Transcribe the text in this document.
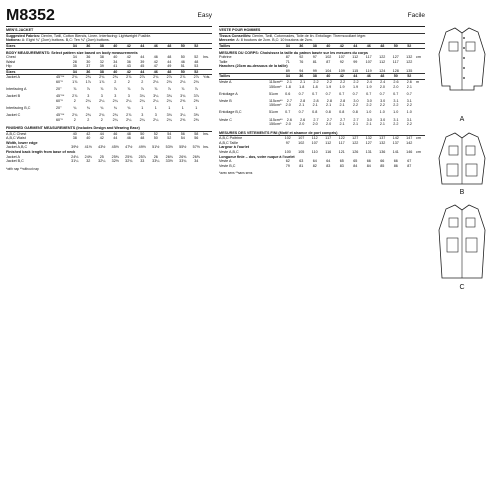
M8352	Easy
MEN'S JACKET
Suggested Fabrics: Denim, Twill, Cotton Blends, Linen. Interfacing: Lightweight Fusible.
Notions: A: Eight ¾" (2cm) buttons. B,C: Ten ¾" (2cm) buttons.
Sizes	34	36	38	40	42	44	46	48	50	52
BODY MEASUREMENTS: Select pattern size based on body measurements
Chest	34	36	38	40	42	44	46	48	50	52	Ins.
Waist	28	30	32	34	36	39	42	44	46	48
Hip	35	37	39	41	43	45	47	49	51	53
Sizes	34	36	38	40	42	44	46	48	50	52
Jacket A	45"**	2¾	2¾	2¾	2¾	2⅞	2⅞	2¾	2⅞	2⅞	2⅞	Yds.
60"*	1⅞	1⅞	1⅞	2	2	2	2⅛	2⅛	2⅛	2⅛
Interfacing A	20"	⅞	⅞	⅞	⅞	⅞	⅞	⅞	⅞	⅞	⅞
Jacket B	45"**	2⅞	3	3	3	3	3¼	3¼	3¾	3¾	3⅞
60"*	2	2¼	2¼	2¼	2¼	2¼	2¼	2¼	2⅜	2⅜
Interfacing B,C	20"	¾	¾	¾	¾	¾	1	1	1	1	1
Jacket C	45"**	2¾	2¾	2¾	2¾	2⅞	3	3	3⅛	3¼	3⅜
60"*	2	2	2	2¼	2¼	2¼	2¼	2¼	2⅜	2⅜
FINISHED GARMENT MEASUREMENTS (Includes Design and Wearing Ease)
A,B,C Chest	40	42	44	46	48	50	52	54	56	58	Ins.
A,B,C Waist	38	40	42	44	46	48	50	52	54	56
Width, lower edge
Jacket A,B,C	39½	41½	43½	45½	47½	49½	51½	53½	55½	57½ Ins.
Finished back length from base of neck
Jacket A	24⅛	24⅜	25	25⅜	25⅝	25⅞	26	26⅛	26⅜	26⅝
Jacket B,C	31¼	32	32¼	32½	32¾	33	33¼	33½	33¾	34
*with nap **without nap
Facile
VESTE POUR HOMMES
Tissus Conseillés: Denim, Twill, Cotonnades, Toile de lin. Entoilage: Thermocollant léger.
Mercerie: A: 8 boutons de 2cm. B,C: 10 boutons de 2cm.
Tailles	34	36	38	40	42	44	46	48	50	52
MESURES DU CORPS: Choisissez la taille du patron basée sur les mesures du corps
Poitrine	87	92	97	102	107	112	117	122	127	132 cm
Taille	71	76	81	87	92	99	107	112	117	122
Hanches (23cm au-dessous de la taille)
89	94	99	104	109	115	119	124	128	135
Tailles	34	36	38	40	42	44	46	48	50	52
Veste A	115cm**	2.1	2.1	2.2	2.2	2.2	2.2	2.4	2.4	2.6	2.6	m
150cm*	1.8	1.8	1.8	1.9	1.9	1.9	1.9	2.0	2.0	2.1
Entoilage A	51cm	0.6	0.7	0.7	0.7	0.7	0.7	0.7	0.7	0.7	0.7
Veste B	115cm**	2.7	2.8	2.8	2.8	2.8	3.0	3.0	3.0	3.1	3.1
150cm*	2.0	2.1	2.1	2.1	2.1	2.2	2.2	2.2	2.2	2.2
Entoilage B,C	51cm	0.7	0.7	0.8	0.8	0.8	0.8	1.0	1.0	1.0	1.0
Veste C	115cm**	2.6	2.6	2.7	2.7	2.7	2.7	3.0	3.0	3.1	3.1
150cm*	2.0	2.0	2.0	2.0	2.1	2.1	2.1	2.1	2.2	2.2
MESURES DES VÊTEMENTS FINI (Motif et aisance de port compris)
A,B,C Poitrine	102	107	112	117	122	127	132	137	142	147 cm
A,B,C Taille	97	102	107	112	117	122	127	132	137	142
Largeur à l'ourlet
Veste A,B,C	100	105	110	116	121	126	131	136	141	146 cm
Longueur finie – dos, votre nuque à l'ourlet
Veste A	62	63	64	64	65	65	66	66	66	67
Veste B,C	79	81	82	83	83	84	84	85	86	87
*avec sens **sans sens
A
B
C
